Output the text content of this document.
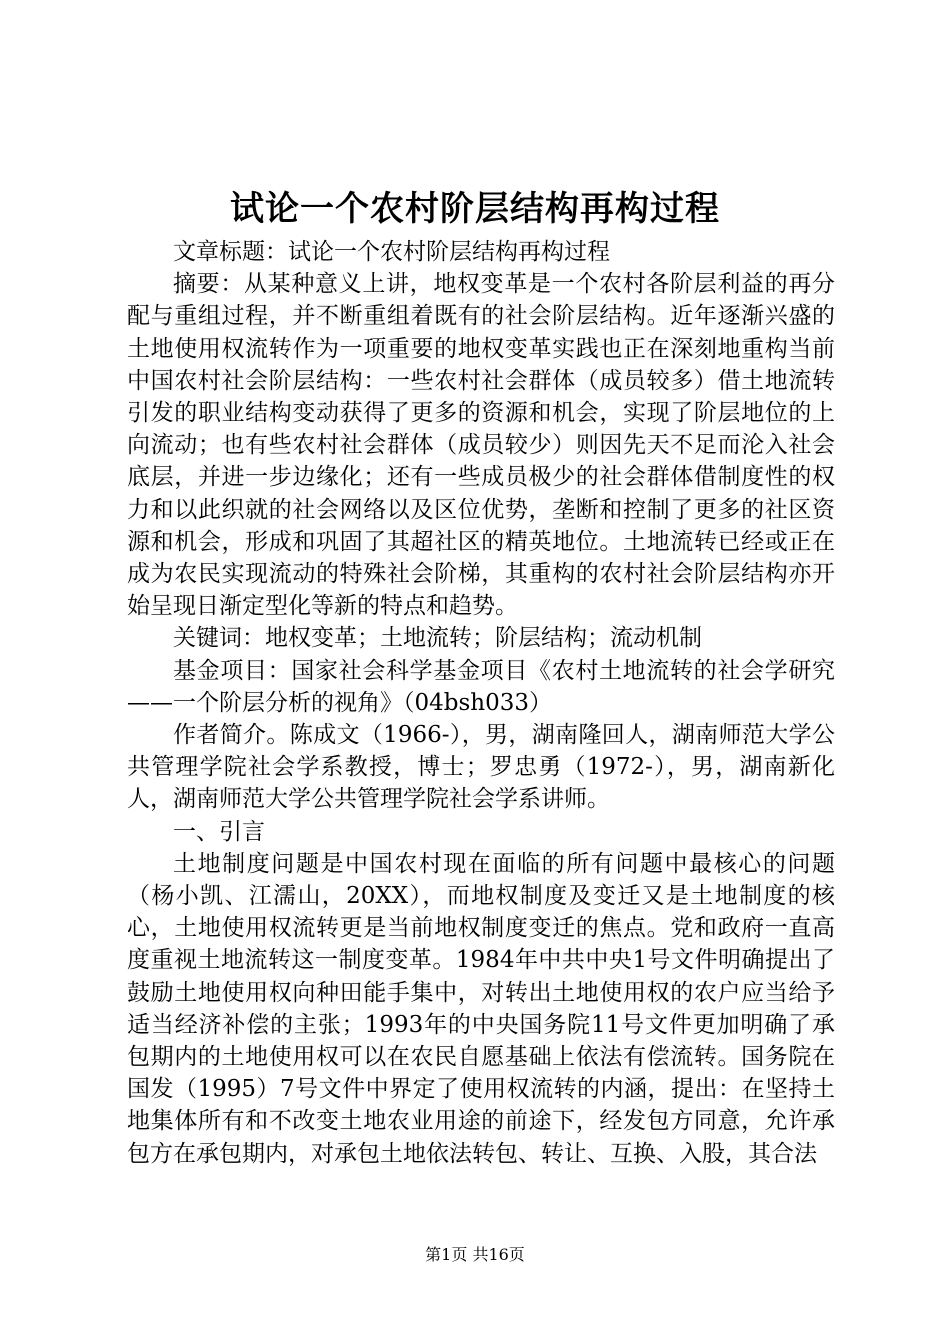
试论一个农村阶层结构再构过程

文章标题：试论一个农村阶层结构再构过程

摘要：从某种意义上讲，地权变革是一个农村各阶层利益的再分配与重组过程，并不断重组着既有的社会阶层结构。近年逐渐兴盛的土地使用权流转作为一项重要的地权变革实践也正在深刻地重构当前中国农村社会阶层结构：一些农村社会群体（成员较多）借土地流转引发的职业结构变动获得了更多的资源和机会，实现了阶层地位的上向流动；也有些农村社会群体（成员较少）则因先天不足而沦入社会底层，并进一步边缘化；还有一些成员极少的社会群体借制度性的权力和以此织就的社会网络以及区位优势，垄断和控制了更多的社区资源和机会，形成和巩固了其超社区的精英地位。土地流转已经或正在成为农民实现流动的特殊社会阶梯，其重构的农村社会阶层结构亦开始呈现日渐定型化等新的特点和趋势。

关键词：地权变革；土地流转；阶层结构；流动机制

基金项目：国家社会科学基金项目《农村土地流转的社会学研究——一个阶层分析的视角》（04bsh033）

作者简介。陈成文（1966-），男，湖南隆回人，湖南师范大学公共管理学院社会学系教授，博士；罗忠勇（1972-），男，湖南新化人，湖南师范大学公共管理学院社会学系讲师。

一、引言

土地制度问题是中国农村现在面临的所有问题中最核心的问题（杨小凯、江濡山，20XX），而地权制度及变迁又是土地制度的核心，土地使用权流转更是当前地权制度变迁的焦点。党和政府一直高度重视土地流转这一制度变革。1984年中共中央1号文件明确提出了鼓励土地使用权向种田能手集中，对转出土地使用权的农户应当给予适当经济补偿的主张；1993年的中央国务院11号文件更加明确了承包期内的土地使用权可以在农民自愿基础上依法有偿流转。国务院在国发（1995）7号文件中界定了使用权流转的内涵，提出：在坚持土地集体所有和不改变土地农业用途的前途下，经发包方同意，允许承包方在承包期内，对承包土地依法转包、转让、互换、入股，其合法

第1页 共16页
